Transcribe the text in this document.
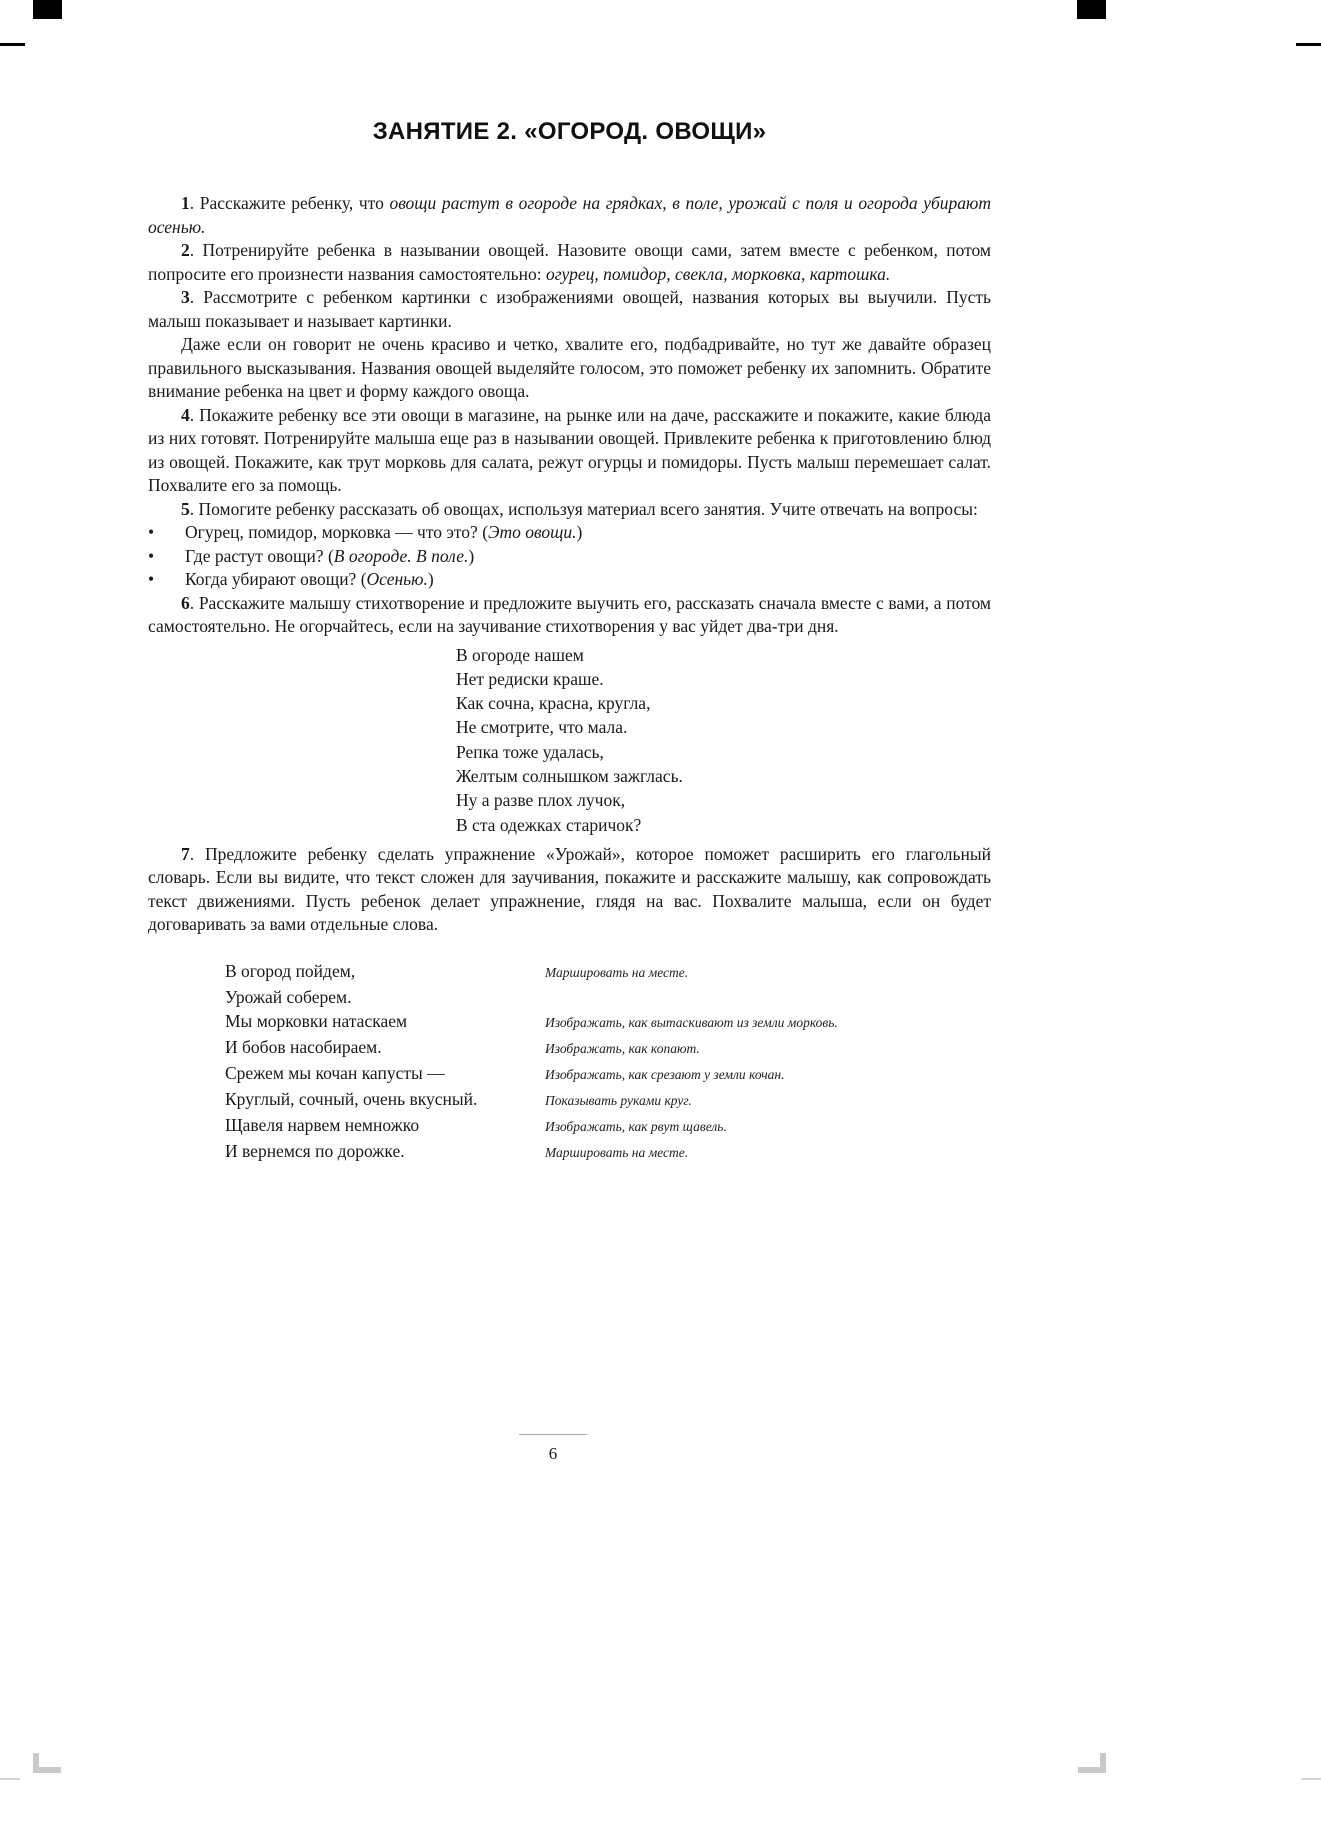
ЗАНЯТИЕ 2. «ОГОРОД. ОВОЩИ»

1. Расскажите ребенку, что овощи растут в огороде на грядках, в поле, урожай с поля и огорода убирают осенью.

2. Потренируйте ребенка в назывании овощей. Назовите овощи сами, затем вместе с ребенком, потом попросите его произнести названия самостоятельно: огурец, помидор, свекла, морковка, картошка.

3. Рассмотрите с ребенком картинки с изображениями овощей, названия которых вы выучили. Пусть малыш показывает и называет картинки.

Даже если он говорит не очень красиво и четко, хвалите его, подбадривайте, но тут же давайте образец правильного высказывания. Названия овощей выделяйте голосом, это поможет ребенку их запомнить. Обратите внимание ребенка на цвет и форму каждого овоща.

4. Покажите ребенку все эти овощи в магазине, на рынке или на даче, расскажите и покажите, какие блюда из них готовят. Потренируйте малыша еще раз в назывании овощей. Привлеките ребенка к приготовлению блюд из овощей. Покажите, как трут морковь для салата, режут огурцы и помидоры. Пусть малыш перемешает салат. Похвалите его за помощь.

5. Помогите ребенку рассказать об овощах, используя материал всего занятия. Учите отвечать на вопросы:

•	Огурец, помидор, морковка — что это? (Это овощи.)
•	Где растут овощи? (В огороде. В поле.)
•	Когда убирают овощи? (Осенью.)

6. Расскажите малышу стихотворение и предложите выучить его, рассказать сначала вместе с вами, а потом самостоятельно. Не огорчайтесь, если на заучивание стихотворения у вас уйдет два-три дня.

В огороде нашем
Нет редиски краше.
Как сочна, красна, кругла,
Не смотрите, что мала.
Репка тоже удалась,
Желтым солнышком зажглась.
Ну а разве плох лучок,
В ста одежках старичок?

7. Предложите ребенку сделать упражнение «Урожай», которое поможет расширить его глагольный словарь. Если вы видите, что текст сложен для заучивания, покажите и расскажите малышу, как сопровождать текст движениями. Пусть ребенок делает упражнение, глядя на вас. Похвалите малыша, если он будет договаривать за вами отдельные слова.

В огород пойдем,	Маршировать на месте.
Урожай соберем.
Мы морковки натаскаем	Изображать, как вытаскивают из земли морковь.
И бобов насобираем.	Изображать, как копают.
Срежем мы кочан капусты —	Изображать, как срезают у земли кочан.
Круглый, сочный, очень вкусный.	Показывать руками круг.
Щавеля нарвем немножко	Изображать, как рвут щавель.
И вернемся по дорожке.	Маршировать на месте.
6
